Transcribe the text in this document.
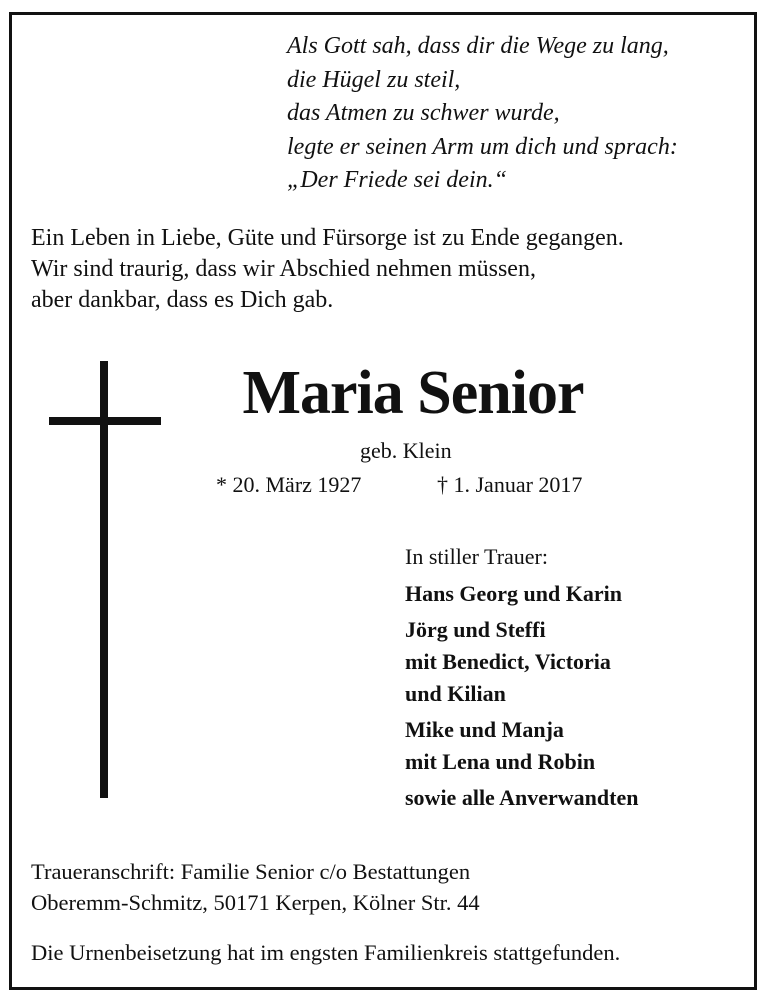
Als Gott sah, dass dir die Wege zu lang,
die Hügel zu steil,
das Atmen zu schwer wurde,
legte er seinen Arm um dich und sprach:
„Der Friede sei dein.“
Ein Leben in Liebe, Güte und Fürsorge ist zu Ende gegangen.
Wir sind traurig, dass wir Abschied nehmen müssen,
aber dankbar, dass es Dich gab.
Maria Senior
geb. Klein
* 20. März 1927	† 1. Januar 2017
In stiller Trauer:
Hans Georg und Karin
Jörg und Steffi
mit Benedict, Victoria
und Kilian
Mike und Manja
mit Lena und Robin
sowie alle Anverwandten
Traueranschrift: Familie Senior c/o Bestattungen
Oberemm-Schmitz, 50171 Kerpen, Kölner Str. 44
Die Urnenbeisetzung hat im engsten Familienkreis stattgefunden.
